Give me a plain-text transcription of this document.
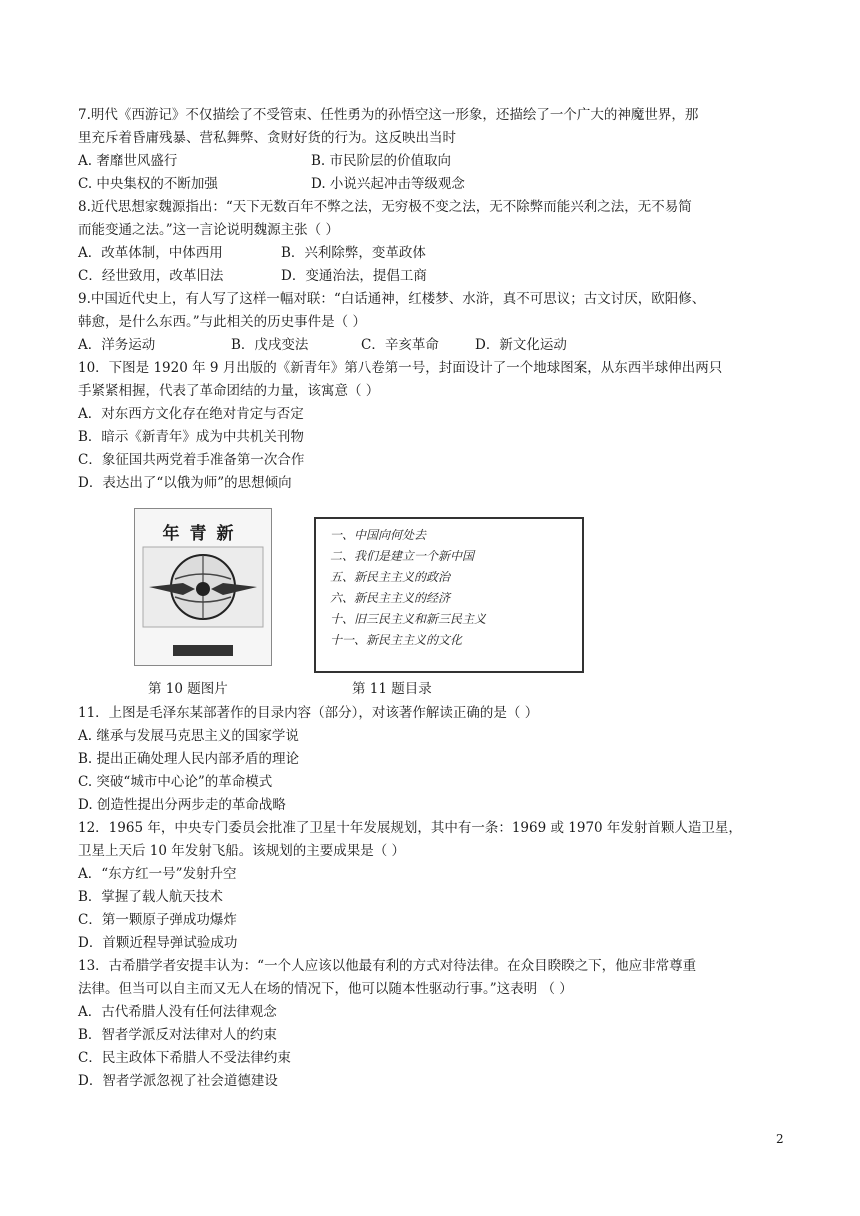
7.明代《西游记》不仅描绘了不受管束、任性勇为的孙悟空这一形象，还描绘了一个广大的神魔世界，那
里充斥着昏庸残暴、营私舞弊、贪财好货的行为。这反映出当时
A. 奢靡世风盛行	B. 市民阶层的价值取向
C. 中央集权的不断加强	D. 小说兴起冲击等级观念
8.近代思想家魏源指出：“天下无数百年不弊之法，无穷极不变之法，无不除弊而能兴利之法，无不易简
而能变通之法。”这一言论说明魏源主张（ ）
A．改革体制，中体西用	B．兴利除弊，变革政体
C．经世致用，改革旧法	D．变通治法，提倡工商
9.中国近代史上，有人写了这样一幅对联：“白话通神，红楼梦、水浒，真不可思议；古文讨厌，欧阳修、
韩愈，是什么东西。”与此相关的历史事件是（ ）
A．洋务运动	B．戊戌变法	C．辛亥革命	D．新文化运动
10．下图是 1920 年 9 月出版的《新青年》第八卷第一号，封面设计了一个地球图案，从东西半球伸出两只
手紧紧相握，代表了革命团结的力量，该寓意（ ）
A．对东西方文化存在绝对肯定与否定
B．暗示《新青年》成为中共机关刊物
C．象征国共两党着手准备第一次合作
D．表达出了“以俄为师”的思想倾向
年青新	一、中国向何处去
二、我们是建立一个新中国
五、新民主主义的政治
六、新民主主义的经济
十、旧三民主义和新三民主义
十一、新民主主义的文化
第 10 题图片	第 11 题目录
11．上图是毛泽东某部著作的目录内容（部分），对该著作解读正确的是（ ）
A. 继承与发展马克思主义的国家学说
B. 提出正确处理人民内部矛盾的理论
C. 突破“城市中心论”的革命模式
D. 创造性提出分两步走的革命战略
12．1965 年，中央专门委员会批准了卫星十年发展规划，其中有一条：1969 或 1970 年发射首颗人造卫星，
卫星上天后 10 年发射飞船。该规划的主要成果是（ ）
A．“东方红一号”发射升空
B．掌握了载人航天技术
C．第一颗原子弹成功爆炸
D．首颗近程导弹试验成功
13．古希腊学者安提丰认为：“一个人应该以他最有利的方式对待法律。在众目睽睽之下，他应非常尊重
法律。但当可以自主而又无人在场的情况下，他可以随本性驱动行事。”这表明 （ ）
A．古代希腊人没有任何法律观念
B．智者学派反对法律对人的约束
C．民主政体下希腊人不受法律约束
D．智者学派忽视了社会道德建设
2
